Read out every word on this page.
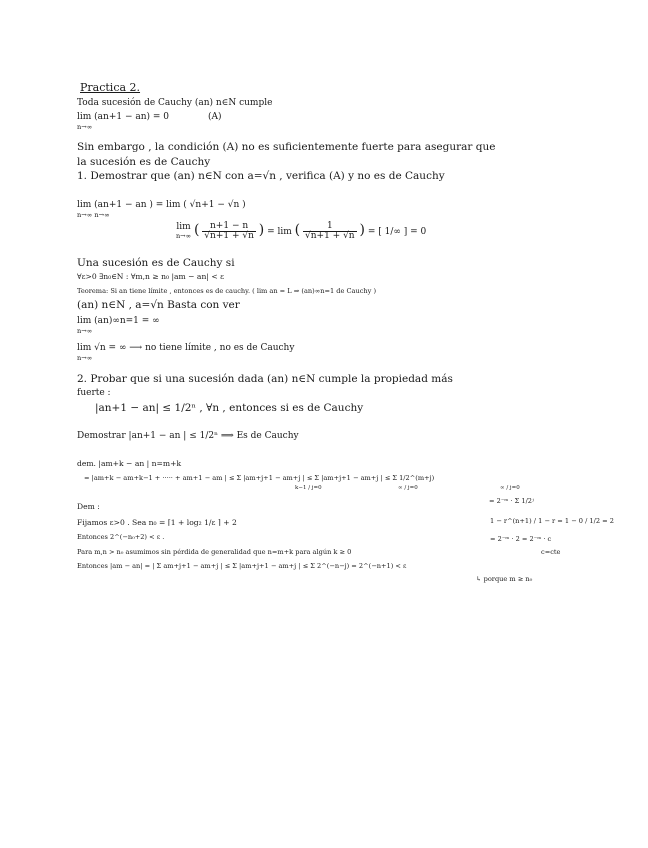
Practica 2.
Toda sucesión de Cauchy (an) n∈N cumple
lim (an+1 − an) = 0	(A)
n→∞
Sin embargo , la condición (A) no es suficientemente fuerte para asegurar que
la sucesión es de Cauchy
1. Demostrar que (an) n∈N con a=√n , verifica (A) y no es de Cauchy
lim (an+1 − an ) = lim ( √n+1 − √n )
n→∞ n→∞
lim
n→∞ ( $\frac{n+1 - n}{√n+1 + √n}$ ) = lim ( $\frac{1}{√n+1 + √n}$ ) = [ 1/∞ ] = 0
Una sucesión es de Cauchy si
∀ε>0 ∃n₀∈N : ∀m,n ≥ n₀ |am − an| < ε
Teorema: Si an tiene límite , entonces es de cauchy. ( lim an = L ⇒ (an)∞n=1 de Cauchy )
(an) n∈N , a=√n Basta con ver
lim (an)∞n=1 = ∞
n→∞
lim √n = ∞ ⟶ no tiene límite , no es de Cauchy
n→∞
2. Probar que si una sucesión dada (an) n∈N cumple la propiedad más
fuerte :
|an+1 − an| ≤ 1/2ⁿ , ∀n , entonces si es de Cauchy
Demostrar |an+1 − an | ≤ 1/2ⁿ ⟹ Es de Cauchy
dem. |am+k − an | n=m+k
= |am+k − am+k−1 + ····· + am+1 − am | ≤ Σ |am+j+1 − am+j | ≤ Σ |am+j+1 − am+j | ≤ Σ 1/2^(m+j)
k−1 / j=0	∞ / j=0	∞ / j=0
= 2⁻ᵐ · Σ 1/2ʲ
Dem :
Fijamos ε>0 . Sea n₀ = ⌈1 + log₂ 1/ε ⌉ + 2	1 − r^(n+1) / 1 − r = 1 − 0 / 1/2 = 2
Entonces 2^(−n₀+2) < ε .	= 2⁻ᵐ · 2 = 2⁻ᵐ · c
Para m,n > n₀ asumimos sin pérdida de generalidad que n=m+k para algún k ≥ 0	c=cte
Entonces |am − an| = | Σ am+j+1 − am+j | ≤ Σ |am+j+1 − am+j | ≤ Σ 2^(−n−j) = 2^(−n+1) < ε
↳ porque m ≥ n₀
